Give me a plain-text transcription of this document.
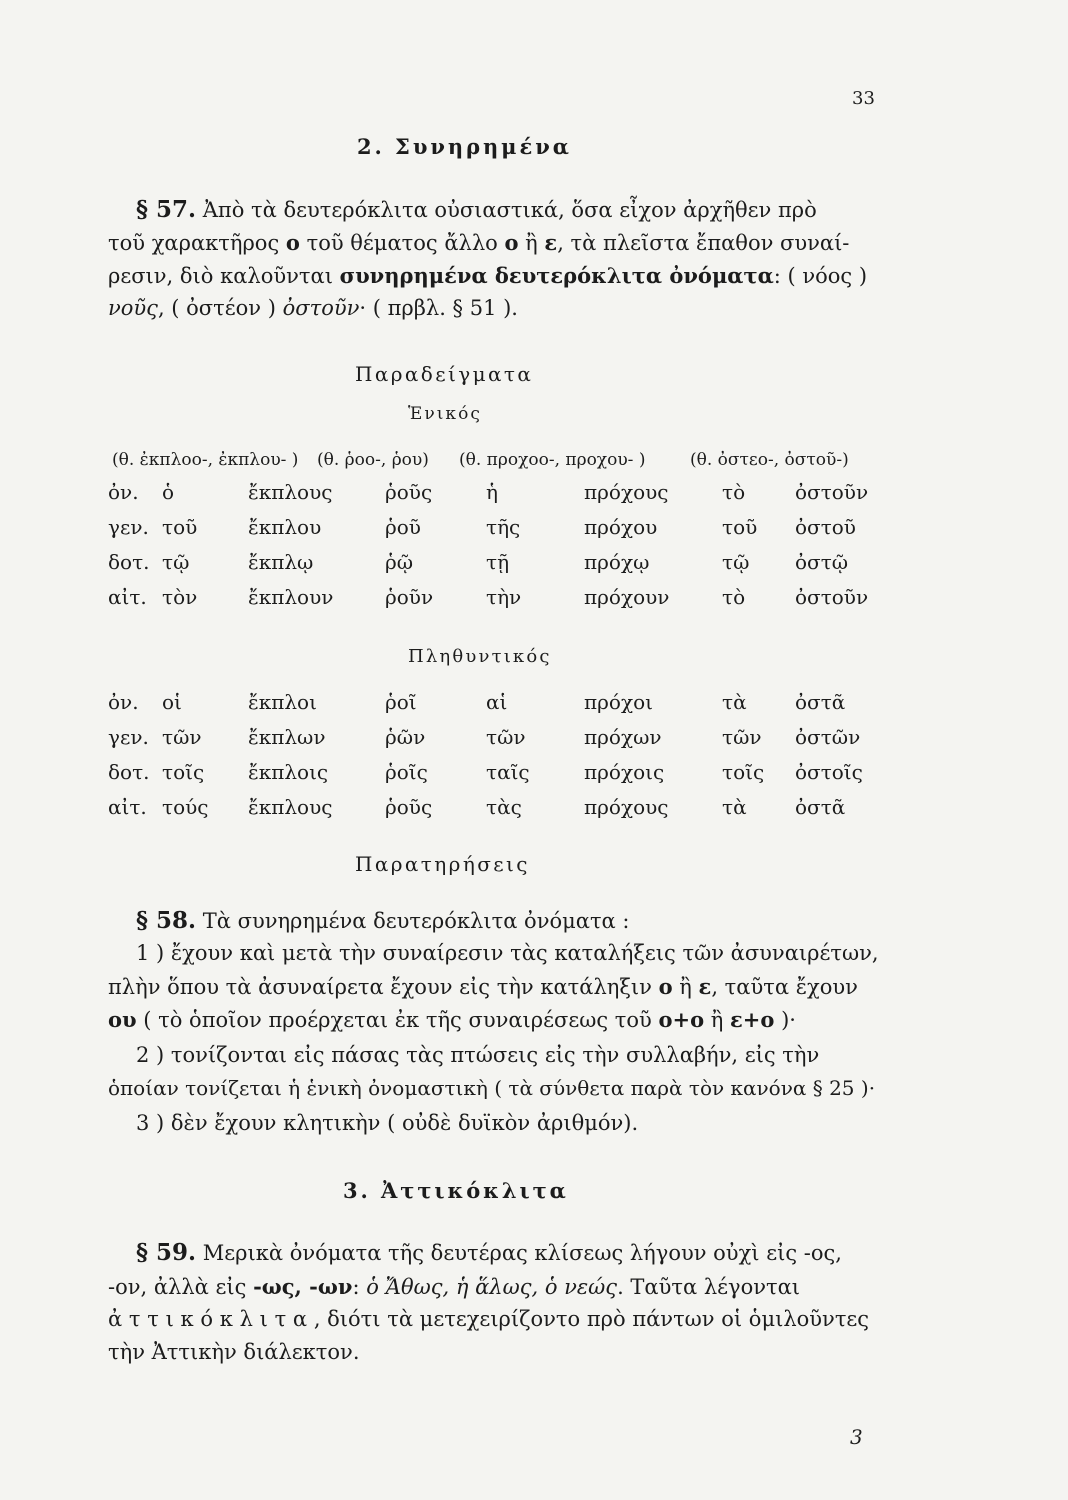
33
2. Συνηρημένα
§ 57. Ἀπὸ τὰ δευτερόκλιτα οὐσιαστικά, ὅσα εἶχον ἀρχῆθεν πρὸ
τοῦ χαρακτῆρος ο τοῦ θέματος ἄλλο ο ἢ ε, τὰ πλεῖστα ἔπαθον συναί-
ρεσιν, διὸ καλοῦνται συνηρημένα δευτερόκλιτα ὀνόματα: ( νόος )
νοῦς, ( ὀστέον ) ὀστοῦν· ( πρβλ. § 51 ).
Παραδείγματα
Ἑνικός
(θ. ἐκπλοο-, ἐκπλου- ) (θ. ῥοο-, ῥου) (θ. προχοο-, προχου- )	(θ. ὀστεο-, ὀστοῦ-)
ὀν. ὁ	ἔκπλους	ῥοῦς	ἡ	πρόχους	τὸ ὀστοῦν
γεν. τοῦ	ἔκπλου	ῥοῦ	τῆς	πρόχου	τοῦ ὀστοῦ
δοτ. τῷ	ἔκπλῳ	ῥῷ	τῇ	πρόχῳ	τῷ ὀστῷ
αἰτ. τὸν	ἔκπλουν	ῥοῦν	τὴν	πρόχουν	τὸ ὀστοῦν
Πληθυντικός
ὀν. οἱ	ἔκπλοι	ῥοῖ	αἱ	πρόχοι	τὰ ὀστᾶ
γεν. τῶν ἔκπλων	ῥῶν	τῶν	πρόχων	τῶν ὀστῶν
δοτ. τοῖς ἔκπλοις	ῥοῖς	ταῖς	πρόχοις	τοῖς ὀστοῖς
αἰτ. τούς ἔκπλους	ῥοῦς	τὰς	πρόχους	τὰ ὀστᾶ
Παρατηρήσεις
§ 58. Τὰ συνηρημένα δευτερόκλιτα ὀνόματα :
1 ) ἔχουν καὶ μετὰ τὴν συναίρεσιν τὰς καταλήξεις τῶν ἀσυναιρέτων,
πλὴν ὅπου τὰ ἀσυναίρετα ἔχουν εἰς τὴν κατάληξιν ο ἢ ε, ταῦτα ἔχουν
ου ( τὸ ὁποῖον προέρχεται ἐκ τῆς συναιρέσεως τοῦ ο+ο ἢ ε+ο )·
2 ) τονίζονται εἰς πάσας τὰς πτώσεις εἰς τὴν συλλαβήν, εἰς τὴν
ὁποίαν τονίζεται ἡ ἑνικὴ ὀνομαστικὴ ( τὰ σύνθετα παρὰ τὸν κανόνα § 25 )·
3 ) δὲν ἔχουν κλητικὴν ( οὐδὲ δυϊκὸν ἀριθμόν).
3. Ἀττικόκλιτα
§ 59. Μερικὰ ὀνόματα τῆς δευτέρας κλίσεως λήγουν οὐχὶ εἰς -ος,
-ον, ἀλλὰ εἰς -ως, -ων: ὁ Ἄθως, ἡ ἅλως, ὁ νεώς. Ταῦτα λέγονται
ἀττικόκλιτα, διότι τὰ μετεχειρίζοντο πρὸ πάντων οἱ ὁμιλοῦντες
τὴν Ἀττικὴν διάλεκτον.
3
